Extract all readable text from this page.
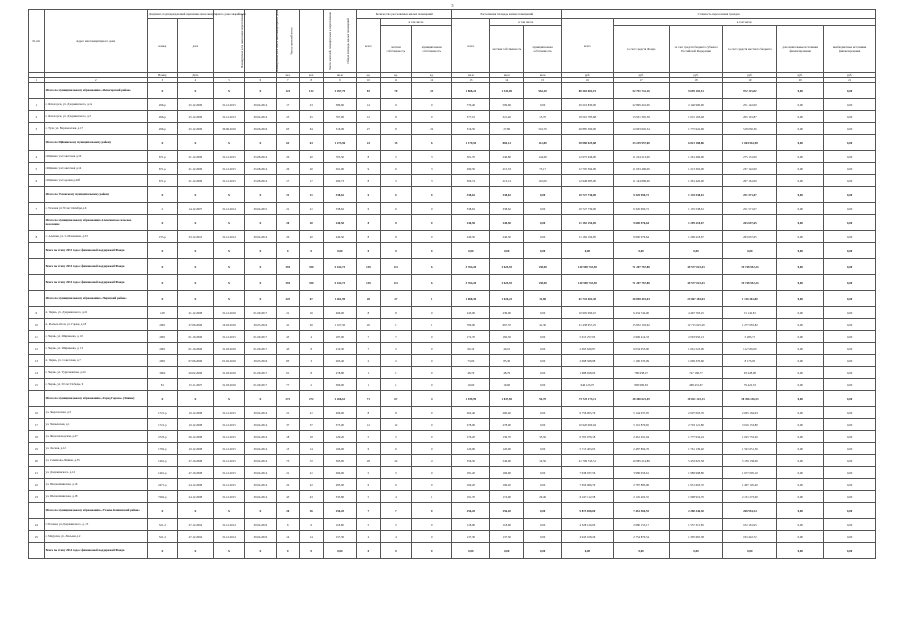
5
№ п/п	Адрес многоквартирного дома	Документ, подтверждающий признание многоквартирного дома аварийным		Планируемая дата окончания переселения	Планируемая дата сноса многоквартирного дома	Число жителей всего	Число жителей, планируемых к переселению	Общая площадь жилых помещений	Количество расселяемых жилых помещений			Расселяемая площадь жилых помещений			Стоимость переселения граждан					
		номер	дата						всего	в том числе		всего	в том числе		всего	в том числе				
										частная собственность	муниципальная собственность		частная собственность	муниципальная собственность		за счет средств Фонда	за счет средств бюджета субъекта Российской Федерации	за счет средств местного бюджета	дополнительные источники финансирования	внебюджетные источники финансирования
		Номер	Дата			чел.	чел.	кв.м	ед.	ед.	ед.	кв.м	кв.м	кв.м	руб.	руб.	руб.	руб.	руб.	руб.
1	2	3	4	5	6	7	8	9	10	11	12	13	14	15	16	17	18	19	20	21
	Итого по муниципальному образованию «Ясногорский район»	X	X	X	X	124	132	2 497,79	83	70	23	1 868,24	1 342,69	962,20	80 265 002,19	52 791 741,16	9 659 102,51	972 115,82	0,00	0,00
1	г. Ясногорск, ул. Дзержинского, д.1а	496-р	25.12.2009	31.12.2015	30.04.2014	17	23	389,60	14	9	0	779,40	509,60	0,00	29 219 830,00	22 899 416,00	2 146 990,00	251 142,00	0,00	0,00
2	г. Ясногорск, ул. Дзержинского, д.3	496-р	25.12.2009	31.12.2013	30.04.2014	25	25	767,00	12	8	0	577,10	321,40	15,70	18 591 783,68	13 951 305,58	1 015 163,48	205 101,87	0,00	0,00
3	г. Тула, ул. Верхнеаллея, д.17	496-р	25.12.2009	30.06.2016	30.06.2016	63	64	516,09	27	8	22	516,50	27,80	516,70	26 885 590,00	14 903 602,54	1 775 922,96	518 650,36	0,00	0,00
	Итого по Щёкинскому муниципальному району	X	X	X	X	62	63	1 273,96	24	15	6	1 179,94	869,14	112,80	38 980 025,88	33 229 957,00	6 813 188,86	1 604 961,98	0,00	0,00
4	г.Щёкино ул.Советская д.10	671-р	21.12.2009	31.12.2015	25.08.2014	20	20	703,50	8	5	3	301,70	240,80	144,00	12 675 946,00	11 224 213,00	1 261 496,00	275 131,00	0,00	0,00
5	г.Щёкино ул.Советская д.14	671-р	21.12.2009	31.12.2015	25.08.2014	20	20	291,90	9	6	3	290,50	215,33	75,17	12 705 394,00	11 633 496,00	1 213 302,00	237 142,00	0,00	0,00
6	г.Щёкино ул.Садовая д.20б	671-р	21.12.2009	31.12.2015	25.08.2014	17	17	290,73	8	3	3	300,74	213,14	110,00	12 948 085,00	11 144 806,00	1 361 420,00	207 161,00	0,00	0,00
	Итого по Узловскому муниципальному району	X	X	X	X	21	21	338,62	6	6	0	338,62	338,62	0,00	10 727 730,00	9 320 990,72	1 135 538,61	251 571,07	0,00	0,00
7	г. Узловая ул.70 лет Октября д.6	2	14.12.2007	31.12.2014	30.04.2015	21	21	338,62	6	6	0	338,62	338,62	0,00	10 727 730,00	9 320 990,72	1 135 538,61	251 571,07	0,00	0,00
	Итого по муниципальному образованию Алексинское сельское поселение	X	X	X	X	20	20	240,50	8	8	0	240,50	240,50	0,00	11 182 194,85	9 600 976,64	1 299 218,67	263 657,65	0,00	0,00
8	с. Алешня, ул. С.Малыхина, д.33	155-р	23.12.2010	31.12.2014	30.04.2014	20	20	240,50	8	8	0	240,50	240,50	0,00	11 182 194,85	9 600 976,64	1 299 218,67	263 657,65	0,00	0,00
	Всего по этапу 2013 года с финансовой поддержкой Фонда	X	X	X	X	0	0	0,00	0	0	0	0,00	0,00	0,00	0,00	0,00	0,00	0,00	0,00	0,00
	Всего по этапу 2014 года с финансовой поддержкой Фонда	X	X	X	X	394	350	5 432,73	138	111	6	3 764,20	3 625,93	138,90	140 598 743,58	71 207 767,88	49 577 023,43	19 748 952,24	0,00	0,00
	Всего по этапу 2014 года с финансовой поддержкой Фонда	X	X	X	X	394	350	5 432,73	138	111	6	3 764,20	3 625,93	138,90	140 598 743,58	71 207 767,88	49 577 023,43	19 748 952,24	0,00	0,00
	Итого по муниципальному образованию «Чернский район»	X	X	X	X	325	67	1 461,99	28	27	1	1 068,30	1 026,23	31,80	61 743 402,30	30 858 491,04	23 067 183,04	1 116 361,80	0,00	0,00
9	п. Чернь, ул. Дзержинского, д.21	128	21.12.2008	31.12.2016	01.09.2017	21	16	466,00	8	8	0	243,00	239,00	0,00	10 905 090,10	6 434 744,00	4 467 763,25	15 142,81	0,00	0,00
10	п. Рыльск-Огон, ул. Гараж, д.18	2901	27.06.2006	10.03.2016	30.05.2016	41	26	1 107,50	20	1	1	709,00	667,70	41,30	21 438 957,25	15 852 103,62	12 715 625,26	1 277 081,82	0,00	0,00
11	г. Чернь, ул. Ширшеева, д. 10	2901	01.10.2006	31.12.2015	01.09.2017	45	4	187,00	7	7	0	172,70	182,50	0,00	5 015 257,95	2 996 414,33	2 003 950,13	5 485,71	0,00	0,00
12	г. Чернь, ул. Ширшеева, д. 13	2901	01.10.2006	31.03.2016	01.09.2017	43	8	219,30	7	2	0	60,10	40,10	0,00	2 095 629,87	9 034 053,00	1 061 523,00	112 556,00	0,00	0,00
13	п. Чернь, ул. Советская, д.7	2901	07.06.2006	01.02.2016	30.05.2016	83	3	263,40	2	2	0	73,00	85,30	0,00	2 998 568,98	1 190 335,09	1 609 370,60	8 173,05	0,00	0,00
14	г. Чернь, ул. Тургеневская, д.24	3902	20.02.2006	31.03.2016	01.09.2017	61	8	278,80	1	1	0	48,70	48,70	0,00	1 988 928,00	768 638,27	747 196,77	93 228,08	0,00	0,00
15	г. Чернь, ул. 50 лет Победы, 9	81	15.11.2007	31.03.2016	01.09.2017	77	2	366,00	1	1	0	19,60	19,60	0,00	946 123,07	809 999,63	468 431,67	79 422,33	0,00	0,00
	Итого по муниципальному образованию «Город Гороха» (Ливны)	X	X	X	X	272	272	2 266,61	71	67	4	1 939,99	1 847,85	94,70	73 725 173,11	38 300 621,49	19 021 123,13	18 396 136,53	0,00	0,00
16	ул. Зверохозная, д.3	1721-р	10.12.2008	31.12.2015	30.04.2014	21	21	266,00	8	8	0	262,40	260,40	0,00	9 756 005,76	5 144 037,05	2 007 003,76	2 605 164,93	0,00	0,00
17	ул. Чапаевская, д.1	1721-р	10.12.2008	31.12.2015	30.04.2014	37	37	375,00	12	12	0	278,00	278,00	0,00	10 920 900,04	5 101 879,65	2 703 121,80	3 016 153,80	0,00	0,00
18	ул. Железноводская, д.27	2723-р	26.12.2008	31.12.2015	30.04.2014	18	18	129,20	5	5	0	176,20	130,70	35,50	6 765 979,18	2 461 291,94	1 777 934,24	1 025 753,20	0,00	0,00
19	ул. Лесная, д.12	1792-р	10.12.2008	31.12.2015	30.04.2014	15	14	166,00	6	6	0	120,90	120,90	0,00	5 715 403,03	2 487 894,76	1 761 139,40	1 501 651,56	0,00	0,00
20	ул. Семёнова-Ляпина, д.35	1461-р	27.10.2008	31.12.2015	30.04.2014	73	72	563,00	28	24	4	556,50	546,00	10,50	21 709 743,51	10 985 214,89	5 433 625,58	5 139 158,00	0,00	0,00
21	ул. Дзержинского, д.12	1461-р	27.10.2008	31.12.2015	30.04.2014	21	21	269,00	5	5	0	181,20	166,90	0,00	7 938 037,56	3 986 956,61	1 989 998,80	1 677 095,10	0,00	0,00
22	ул. Шелепихинская, д.16	2471-р	24.12.2008	31.12.2015	30.04.2014	22	22	285,00	6	6	0	160,20	196,20	0,00	7 650 066,79	2 787 883,96	1 951 603,70	1 497 105,40	0,00	0,00
23	ул. Шелепихинская, д.18	7262-р	24.12.2008	31.12.2015	30.04.2014	43	43	335,80	5	4	1	191,70	174,90	29,40	6 247 112,58	2 145 402,55	1 998 919,70	2 151 273,00	0,00	0,00
	Итого по муниципальному образованию «Узлово-Кашинский район»	X	X	X	X	26	26	256,20	7	7	0	256,20	256,20	0,00	9 873 658,00	7 461 560,55	2 280 246,30	268 954,24	0,00	0,00
24	г.Узловая, ул.Дзержинского, д. 15	321-2	27.12.2004	31.12.2014	30.04.2019	6	6	118,90	5	5	0	118,90	118,90	0,00	4 328 120,00	2 980 153,17	1 557 315,85	102 161,95	0,00	0,00
25	г. Марусин, ул. Лисьева д.2	321-2	27.12.2004	31.12.2014	30.04.2019	14	14	157,30	4	4	0	137,30	137,30	0,00	4 945 918,26	2 754 879,54	1 395 665,38	193 422,72	0,00	0,00
	Всего по этапу 2014 года с финансовой поддержкой Фонда	X	X	X	X	0	0	0,00	0	0	0	0,00	0,00	0,00	0,00	0,00	0,00	0,00	0,00	0,00
